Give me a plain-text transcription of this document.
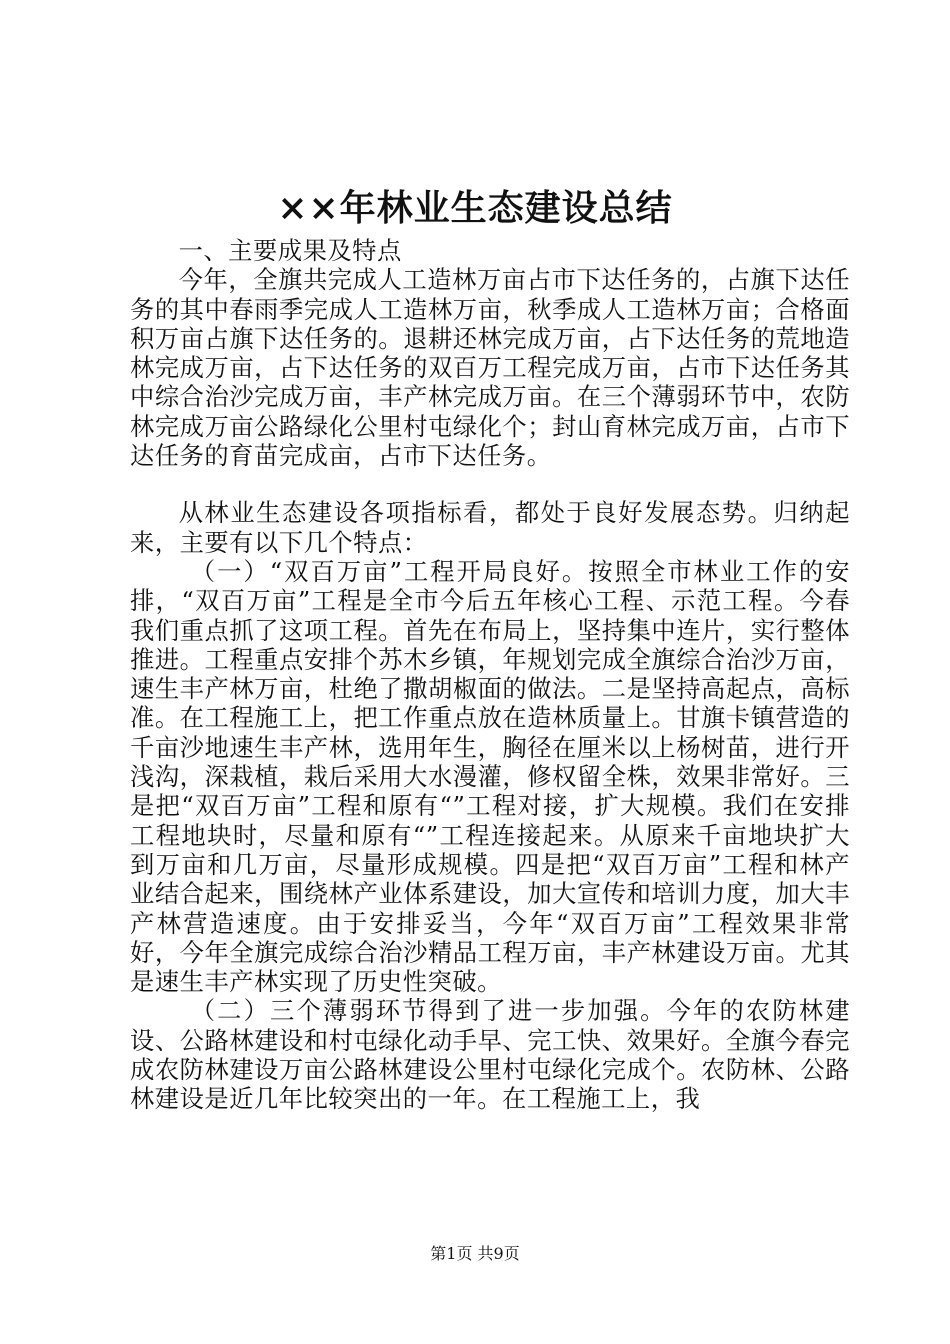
××年林业生态建设总结

一、主要成果及特点

今年，全旗共完成人工造林万亩占市下达任务的，占旗下达任务的其中春雨季完成人工造林万亩，秋季成人工造林万亩；合格面积万亩占旗下达任务的。退耕还林完成万亩，占下达任务的荒地造林完成万亩，占下达任务的双百万工程完成万亩，占市下达任务其中综合治沙完成万亩，丰产林完成万亩。在三个薄弱环节中，农防林完成万亩公路绿化公里村屯绿化个；封山育林完成万亩，占市下达任务的育苗完成亩，占市下达任务。

从林业生态建设各项指标看，都处于良好发展态势。归纳起来，主要有以下几个特点：

（一）“双百万亩”工程开局良好。按照全市林业工作的安排，“双百万亩”工程是全市今后五年核心工程、示范工程。今春我们重点抓了这项工程。首先在布局上，坚持集中连片，实行整体推进。工程重点安排个苏木乡镇，年规划完成全旗综合治沙万亩，速生丰产林万亩，杜绝了撒胡椒面的做法。二是坚持高起点，高标准。在工程施工上，把工作重点放在造林质量上。甘旗卡镇营造的千亩沙地速生丰产林，选用年生，胸径在厘米以上杨树苗，进行开浅沟，深栽植，栽后采用大水漫灌，修权留全株，效果非常好。三是把“双百万亩”工程和原有“”工程对接，扩大规模。我们在安排工程地块时，尽量和原有“”工程连接起来。从原来千亩地块扩大到万亩和几万亩，尽量形成规模。四是把“双百万亩”工程和林产业结合起来，围绕林产业体系建设，加大宣传和培训力度，加大丰产林营造速度。由于安排妥当，今年“双百万亩”工程效果非常好，今年全旗完成综合治沙精品工程万亩，丰产林建设万亩。尤其是速生丰产林实现了历史性突破。

（二）三个薄弱环节得到了进一步加强。今年的农防林建设、公路林建设和村屯绿化动手早、完工快、效果好。全旗今春完成农防林建设万亩公路林建设公里村屯绿化完成个。农防林、公路林建设是近几年比较突出的一年。在工程施工上，我

第1页 共9页
